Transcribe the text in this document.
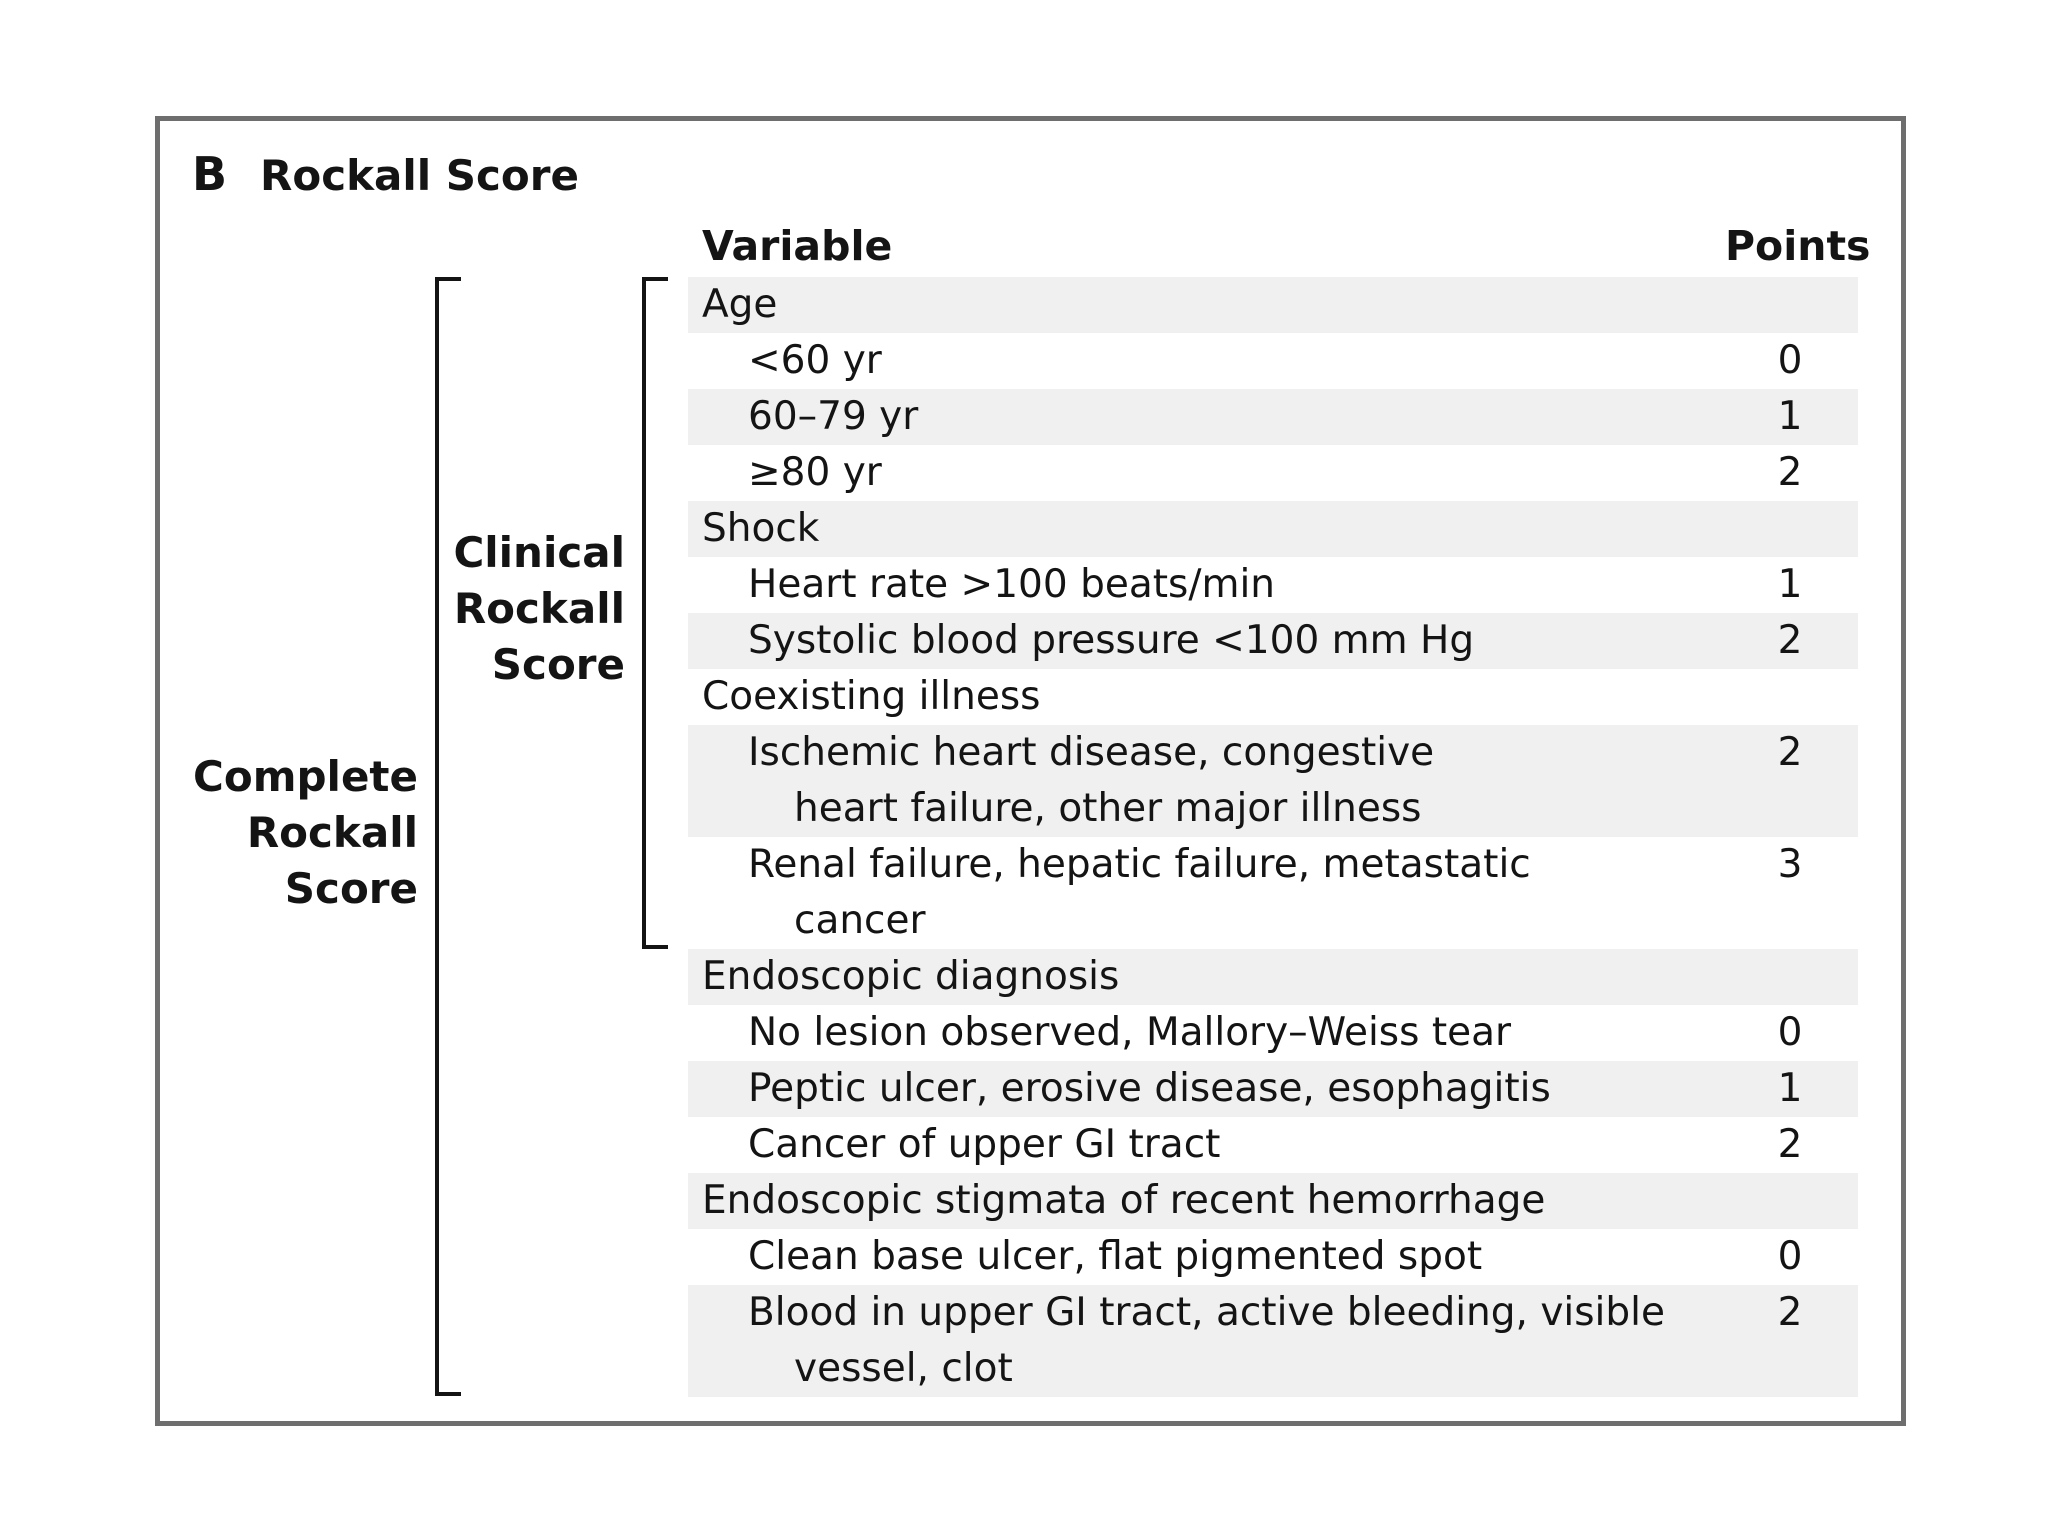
B Rockall Score
Variable	Points
Clinical
Rockall
Score
Complete
Rockall
Score
Age
<60 yr	0
60–79 yr	1
≥80 yr	2
Shock
Heart rate >100 beats/min	1
Systolic blood pressure <100 mm Hg	2
Coexisting illness
Ischemic heart disease, congestive
heart failure, other major illness
2
Renal failure, hepatic failure, metastatic
cancer
3
Endoscopic diagnosis
No lesion observed, Mallory–Weiss tear	0
Peptic ulcer, erosive disease, esophagitis	1
Cancer of upper GI tract	2
Endoscopic stigmata of recent hemorrhage
Clean base ulcer, flat pigmented spot	0
Blood in upper GI tract, active bleeding, visible
vessel, clot
2
